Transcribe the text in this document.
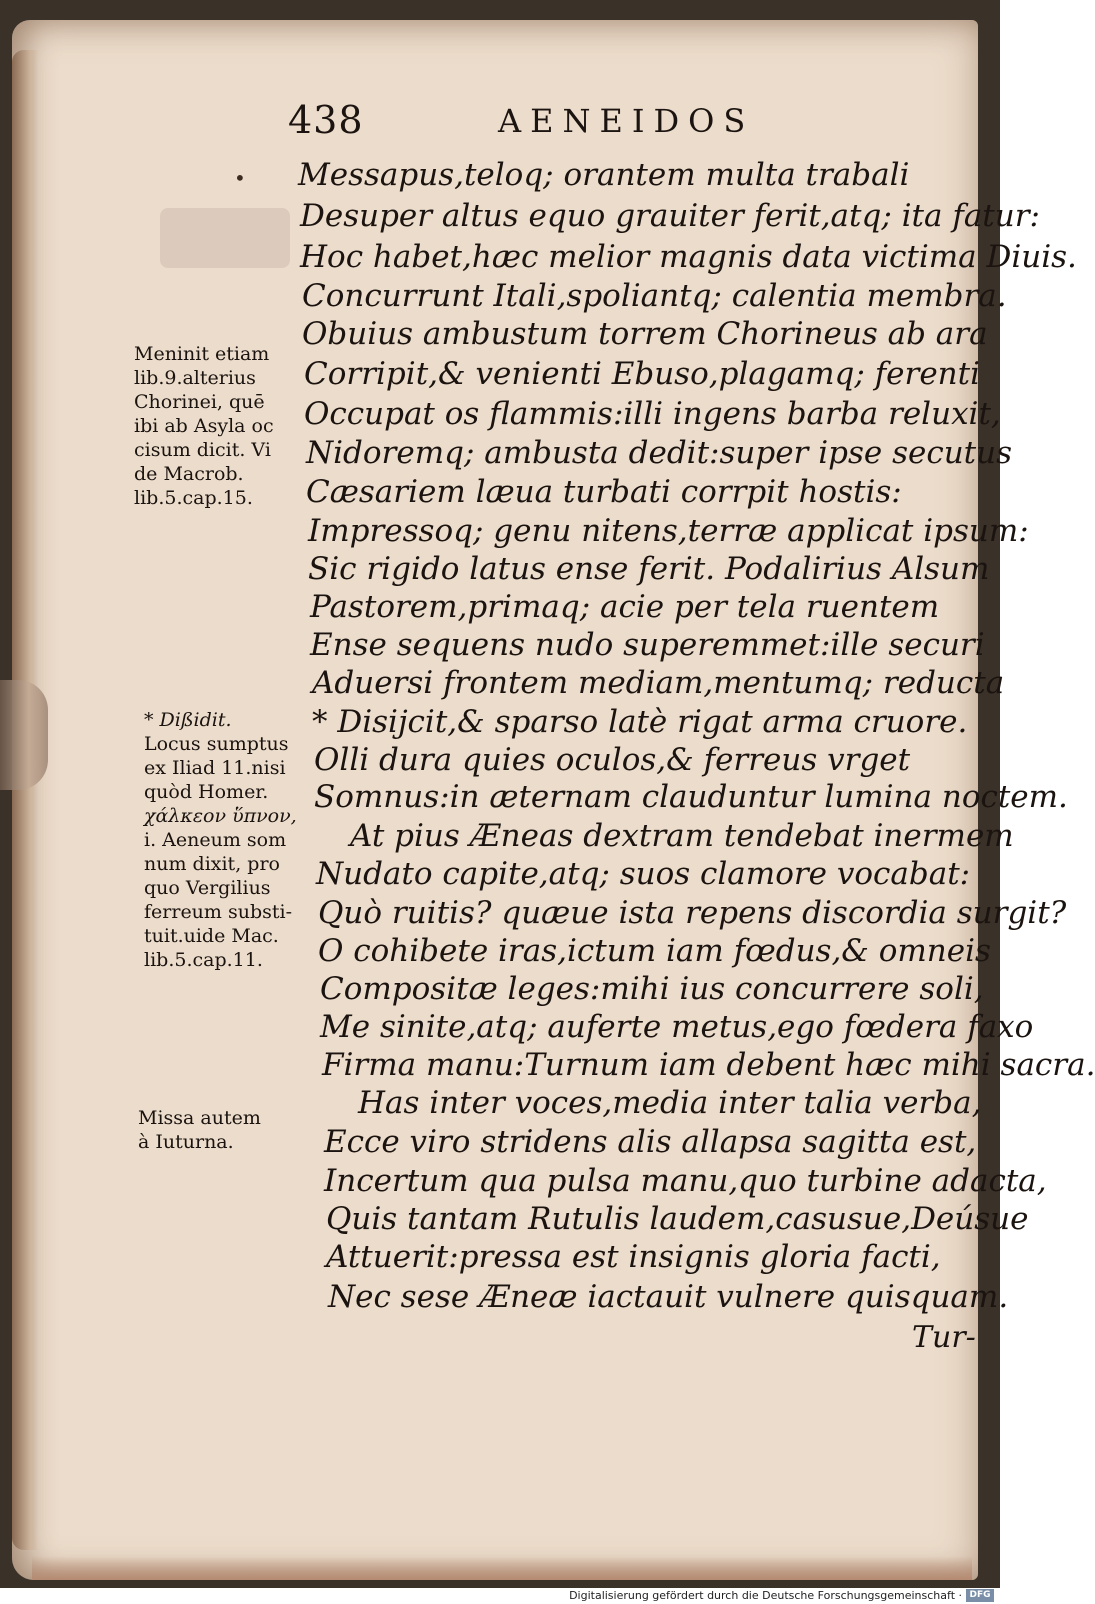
•
438	AENEIDOS
Messapus,teloq; orantem multa trabali
Desuper altus equo grauiter ferit,atq; ita fatur:
Hoc habet,hæc melior magnis data victima Diuis.
Concurrunt Itali,spoliantq; calentia membra.
Obuius ambustum torrem Chorineus ab ara
Corripit,& venienti Ebuso,plagamq; ferenti
Occupat os flammis:illi ingens barba reluxit,
Nidoremq; ambusta dedit:super ipse secutus
Cæsariem læua turbati corrpit hostis:
Impressoq; genu nitens,terræ applicat ipsum:
Sic rigido latus ense ferit. Podalirius Alsum
Pastorem,primaq; acie per tela ruentem
Ense sequens nudo superemmet:ille securi
Aduersi frontem mediam,mentumq; reducta
* Disijcit,& sparso latè rigat arma cruore.
Olli dura quies oculos,& ferreus vrget
Somnus:in æternam clauduntur lumina noctem.
At pius Æneas dextram tendebat inermem
Nudato capite,atq; suos clamore vocabat:
Quò ruitis? quæue ista repens discordia surgit?
O cohibete iras,ictum iam fœdus,& omneis
Compositæ leges:mihi ius concurrere soli,
Me sinite,atq; auferte metus,ego fœdera faxo
Firma manu:Turnum iam debent hæc mihi sacra.
Has inter voces,media inter talia verba,
Ecce viro stridens alis allapsa sagitta est,
Incertum qua pulsa manu,quo turbine adacta,
Quis tantam Rutulis laudem,casusue,Deúsue
Attuerit:pressa est insignis gloria facti,
Nec sese Æneæ iactauit vulnere quisquam.
Meninit etiam
lib.9.alterius
Chorinei, quē
ibi ab Asyla oc
cisum dicit. Vi
de Macrob.
lib.5.cap.15.
* Dißidit.
Locus sumptus
ex Iliad 11.nisi
quòd Homer.
χάλκεον ὕπνον,
i. Aeneum som
num dixit, pro
quo Vergilius
ferreum substi-
tuit.uide Mac.
lib.5.cap.11.
Missa autem
à Iuturna.
Tur-
Digitalisierung gefördert durch die Deutsche Forschungsgemeinschaft · DFG
